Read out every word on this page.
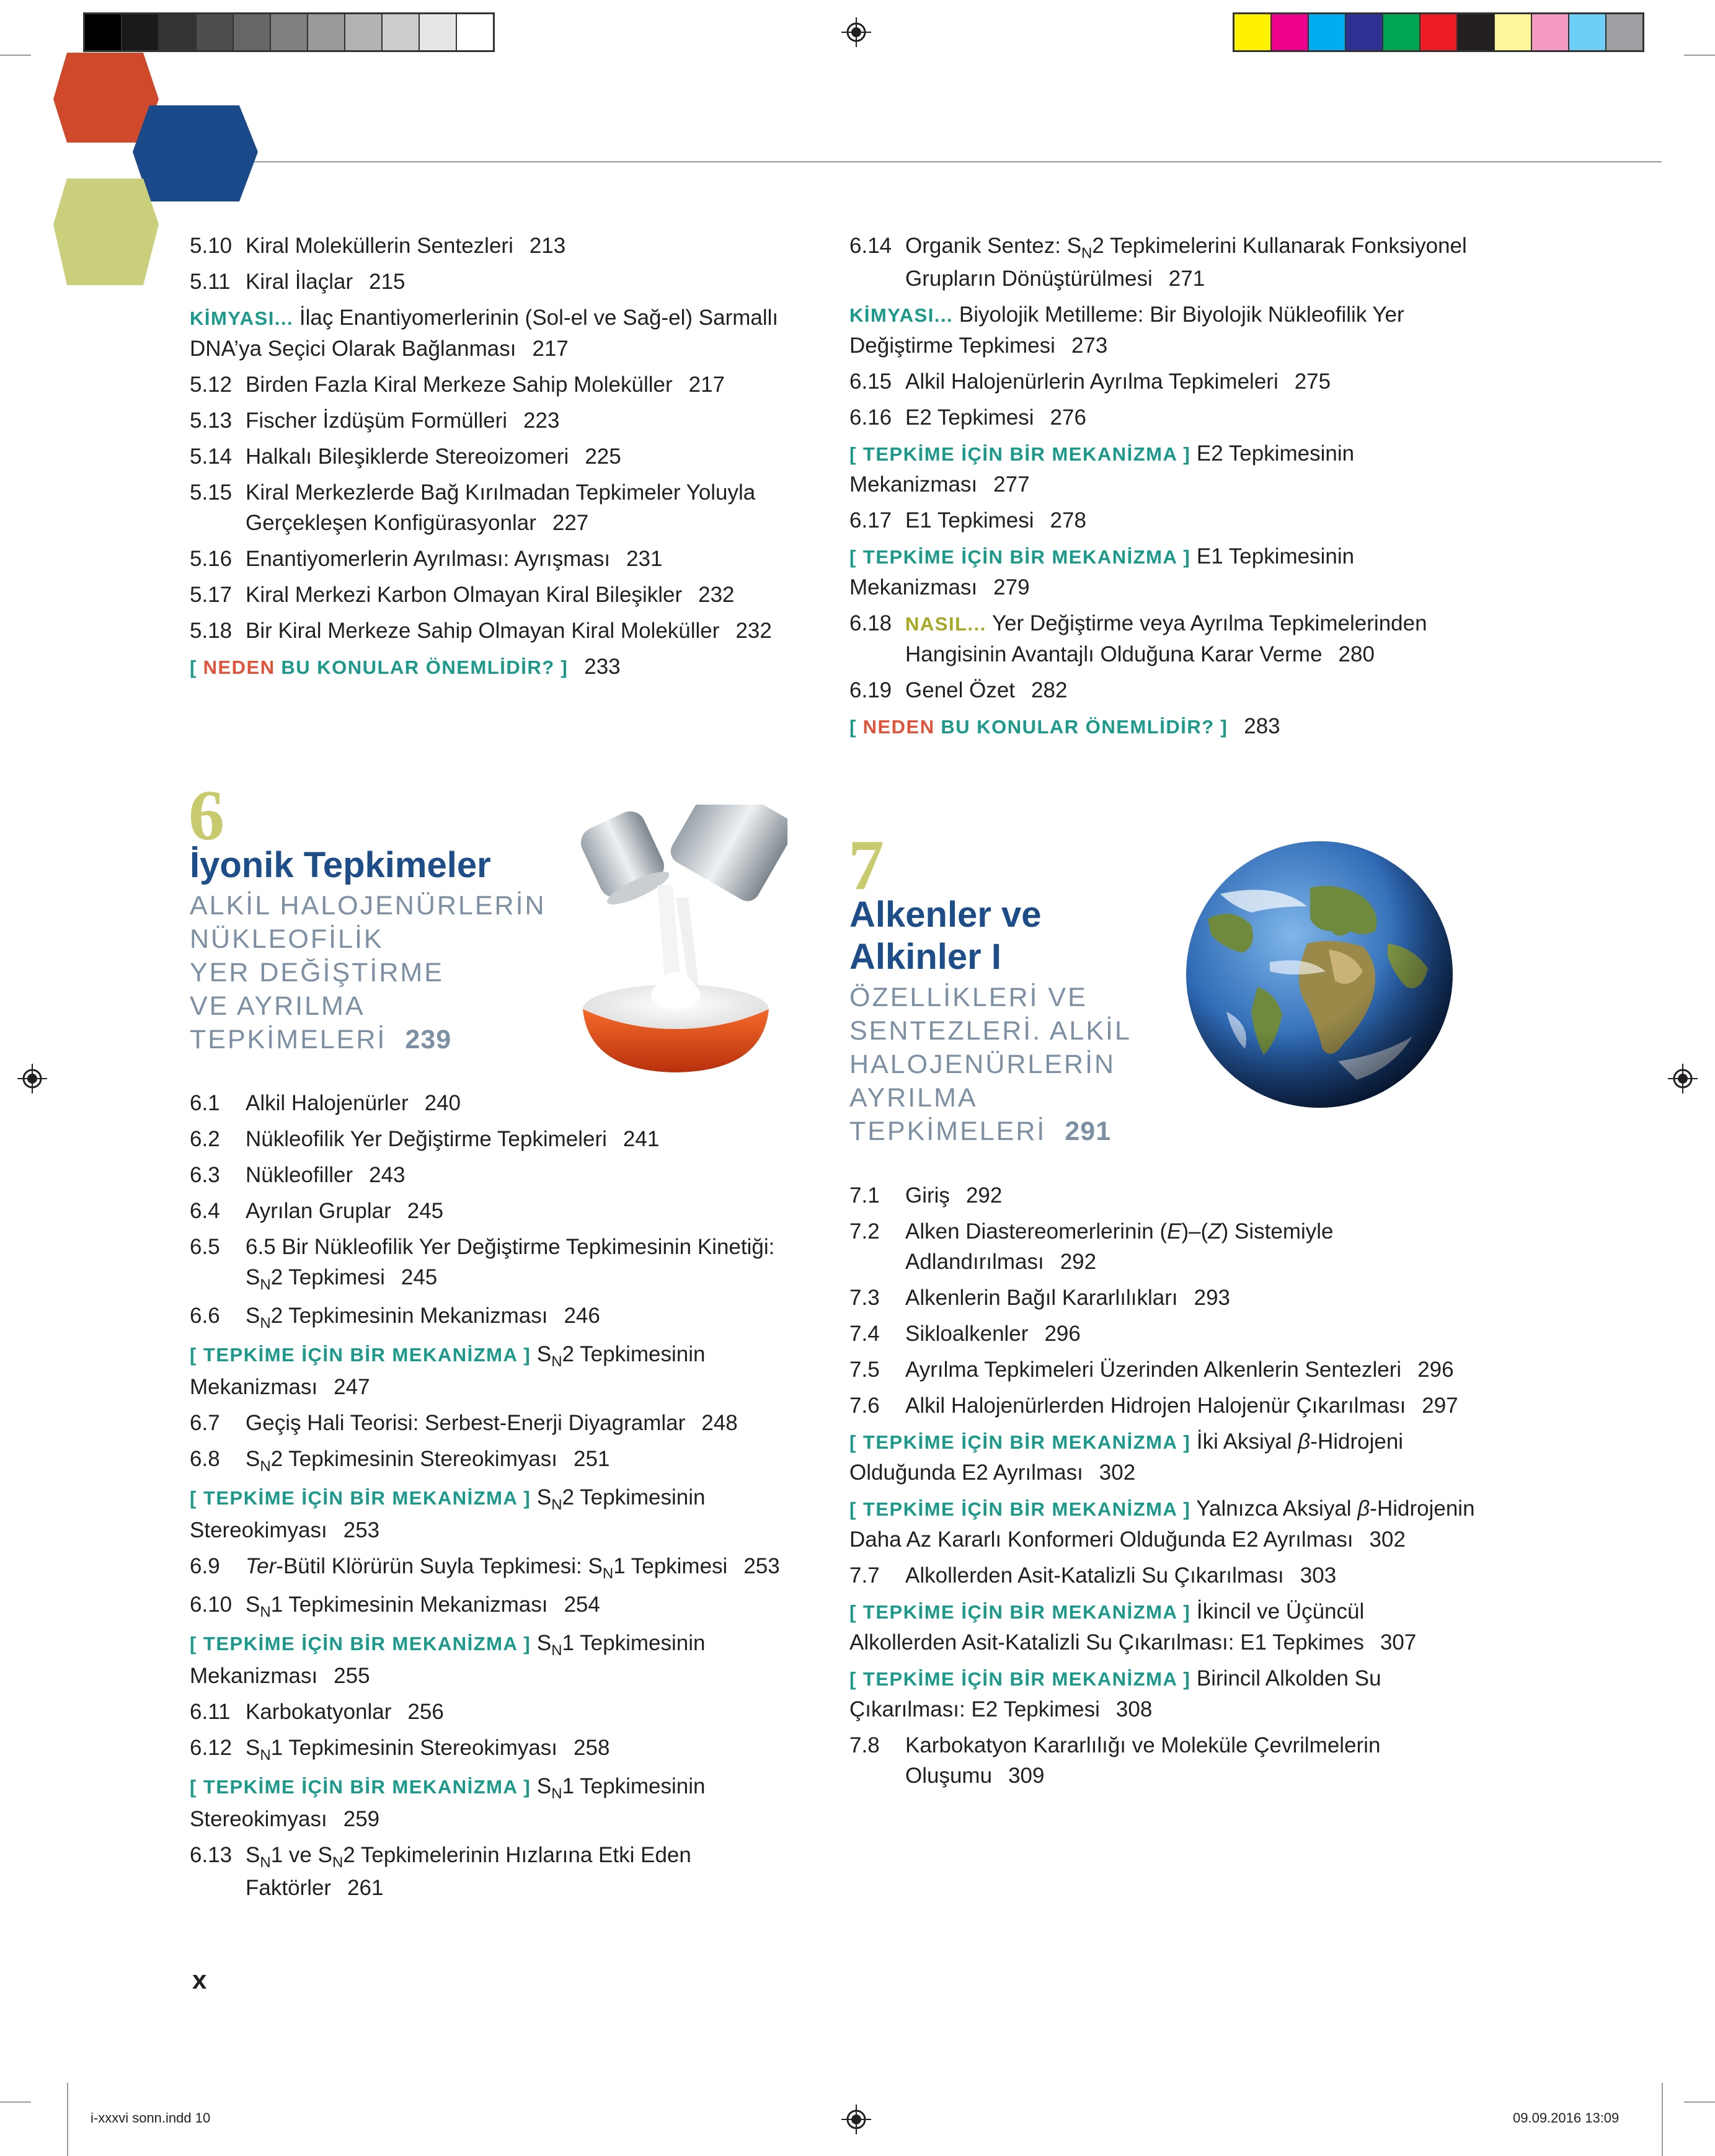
5.10 Kiral Moleküllerin Sentezleri 213
5.11 Kiral İlaçlar 215
KİMYASI... İlaç Enantiyomerlerinin (Sol-el ve Sağ-el) Sarmallı DNA’ya Seçici Olarak Bağlanması 217
5.12 Birden Fazla Kiral Merkeze Sahip Moleküller 217
5.13 Fischer İzdüşüm Formülleri 223
5.14 Halkalı Bileşiklerde Stereoizomeri 225
5.15 Kiral Merkezlerde Bağ Kırılmadan Tepkimeler Yoluyla Gerçekleşen Konfigürasyonlar 227
5.16 Enantiyomerlerin Ayrılması: Ayrışması 231
5.17 Kiral Merkezi Karbon Olmayan Kiral Bileşikler 232
5.18 Bir Kiral Merkeze Sahip Olmayan Kiral Moleküller 232
[ NEDEN BU KONULAR ÖNEMLİDİR? ] 233
6
İyonik Tepkimeler
ALKİL HALOJENÜRLERİN
NÜKLEOFİLİK
YER DEĞİŞTİRME
VE AYRILMA
TEPKİMELERİ 239
6.1	Alkil Halojenürler 240
6.2	Nükleofilik Yer Değiştirme Tepkimeleri 241
6.3	Nükleofiller 243
6.4	Ayrılan Gruplar 245
6.5	6.5 Bir Nükleofilik Yer Değiştirme Tepkimesinin Kinetiği: $S_N2$ Tepkimesi 245
6.6	$S_N2$ Tepkimesinin Mekanizması 246
[ TEPKİME İÇİN BİR MEKANİZMA ] $S_N2$ Tepkimesinin Mekanizması 247
6.7	Geçiş Hali Teorisi: Serbest-Enerji Diyagramlar 248
6.8	$S_N2$ Tepkimesinin Stereokimyası 251
[ TEPKİME İÇİN BİR MEKANİZMA ] $S_N2$ Tepkimesinin Stereokimyası 253
6.9	Ter-Bütil Klörürün Suyla Tepkimesi: $S_N1$ Tepkimesi 253
6.10 $S_N1$ Tepkimesinin Mekanizması 254
[ TEPKİME İÇİN BİR MEKANİZMA ] $S_N1$ Tepkimesinin Mekanizması 255
6.11 Karbokatyonlar 256
6.12 $S_N1$ Tepkimesinin Stereokimyası 258
[ TEPKİME İÇİN BİR MEKANİZMA ] $S_N1$ Tepkimesinin Stereokimyası 259
6.13 $S_N1$ ve $S_N2$ Tepkimelerinin Hızlarına Etki Eden Faktörler 261
x
6.14 Organik Sentez: $S_N2$ Tepkimelerini Kullanarak Fonksiyonel Grupların Dönüştürülmesi 271
KİMYASI... Biyolojik Metilleme: Bir Biyolojik Nükleofilik Yer Değiştirme Tepkimesi 273
6.15 Alkil Halojenürlerin Ayrılma Tepkimeleri 275
6.16 E2 Tepkimesi 276
[ TEPKİME İÇİN BİR MEKANİZMA ] E2 Tepkimesinin Mekanizması 277
6.17 E1 Tepkimesi 278
[ TEPKİME İÇİN BİR MEKANİZMA ] E1 Tepkimesinin Mekanizması 279
6.18 NASIL... Yer Değiştirme veya Ayrılma Tepkimelerinden Hangisinin Avantajlı Olduğuna Karar Verme 280
6.19 Genel Özet 282
[ NEDEN BU KONULAR ÖNEMLİDİR? ] 283
7
Alkenler ve
Alkinler I
ÖZELLİKLERİ VE
SENTEZLERİ. ALKİL
HALOJENÜRLERİN
AYRILMA
TEPKİMELERİ 291
7.1	Giriş 292
7.2	Alken Diastereomerlerinin (E)–(Z) Sistemiyle Adlandırılması 292
7.3	Alkenlerin Bağıl Kararlılıkları 293
7.4	Sikloalkenler 296
7.5	Ayrılma Tepkimeleri Üzerinden Alkenlerin Sentezleri 296
7.6	Alkil Halojenürlerden Hidrojen Halojenür Çıkarılması 297
[ TEPKİME İÇİN BİR MEKANİZMA ] İki Aksiyal β-Hidrojeni Olduğunda E2 Ayrılması 302
[ TEPKİME İÇİN BİR MEKANİZMA ] Yalnızca Aksiyal β-Hidrojenin Daha Az Kararlı Konformeri Olduğunda E2 Ayrılması 302
7.7	Alkollerden Asit-Katalizli Su Çıkarılması 303
[ TEPKİME İÇİN BİR MEKANİZMA ] İkincil ve Üçüncül Alkollerden Asit-Katalizli Su Çıkarılması: E1 Tepkimes 307
[ TEPKİME İÇİN BİR MEKANİZMA ] Birincil Alkolden Su Çıkarılması: E2 Tepkimesi 308
7.8	Karbokatyon Kararlılığı ve Moleküle Çevrilmelerin Oluşumu 309
i-xxxvi sonn.indd 10	09.09.2016 13:09
